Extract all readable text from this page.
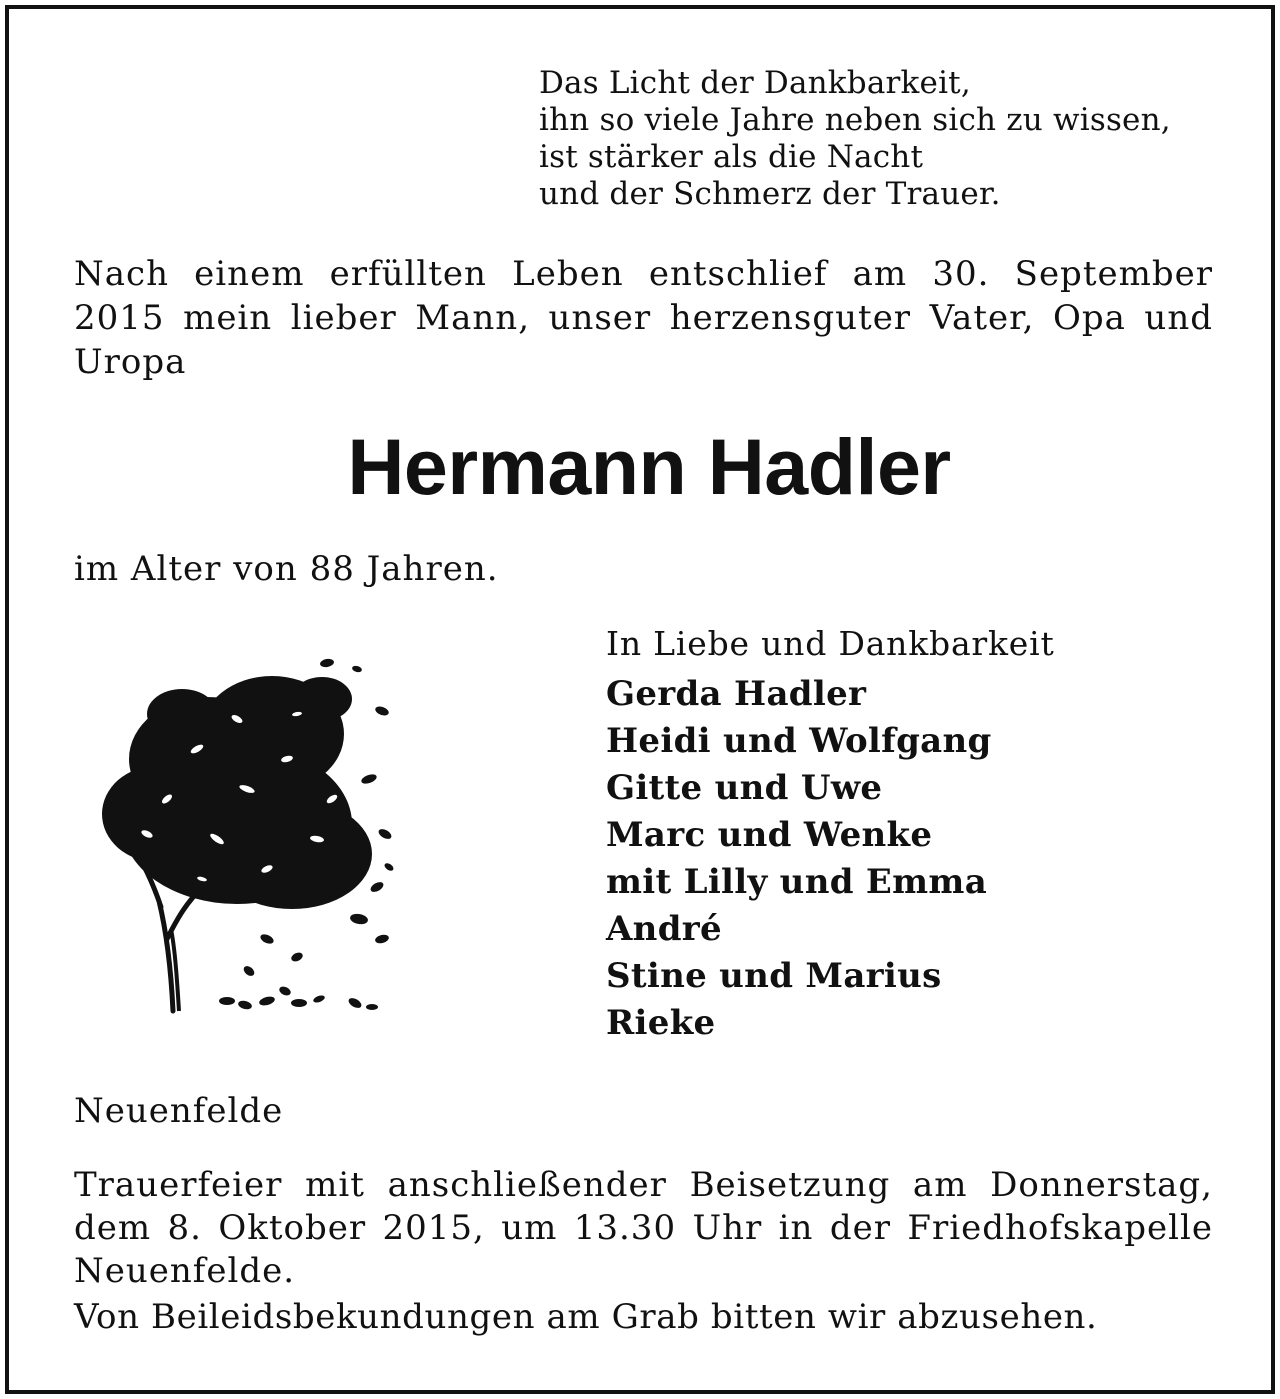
Das Licht der Dankbarkeit,
ihn so viele Jahre neben sich zu wissen,
ist stärker als die Nacht
und der Schmerz der Trauer.
Nach einem erfüllten Leben entschlief am 30. September 2015 mein lieber Mann, unser herzensguter Vater, Opa und Uropa
Hermann Hadler
im Alter von 88 Jahren.
In Liebe und Dankbarkeit
Gerda Hadler
Heidi und Wolfgang
Gitte und Uwe
Marc und Wenke
mit Lilly und Emma
André
Stine und Marius
Rieke
Neuenfelde
Trauerfeier mit anschließender Beisetzung am Donnerstag, dem 8. Oktober 2015, um 13.30 Uhr in der Friedhofskapelle Neuenfelde.
Von Beileidsbekundungen am Grab bitten wir abzusehen.
